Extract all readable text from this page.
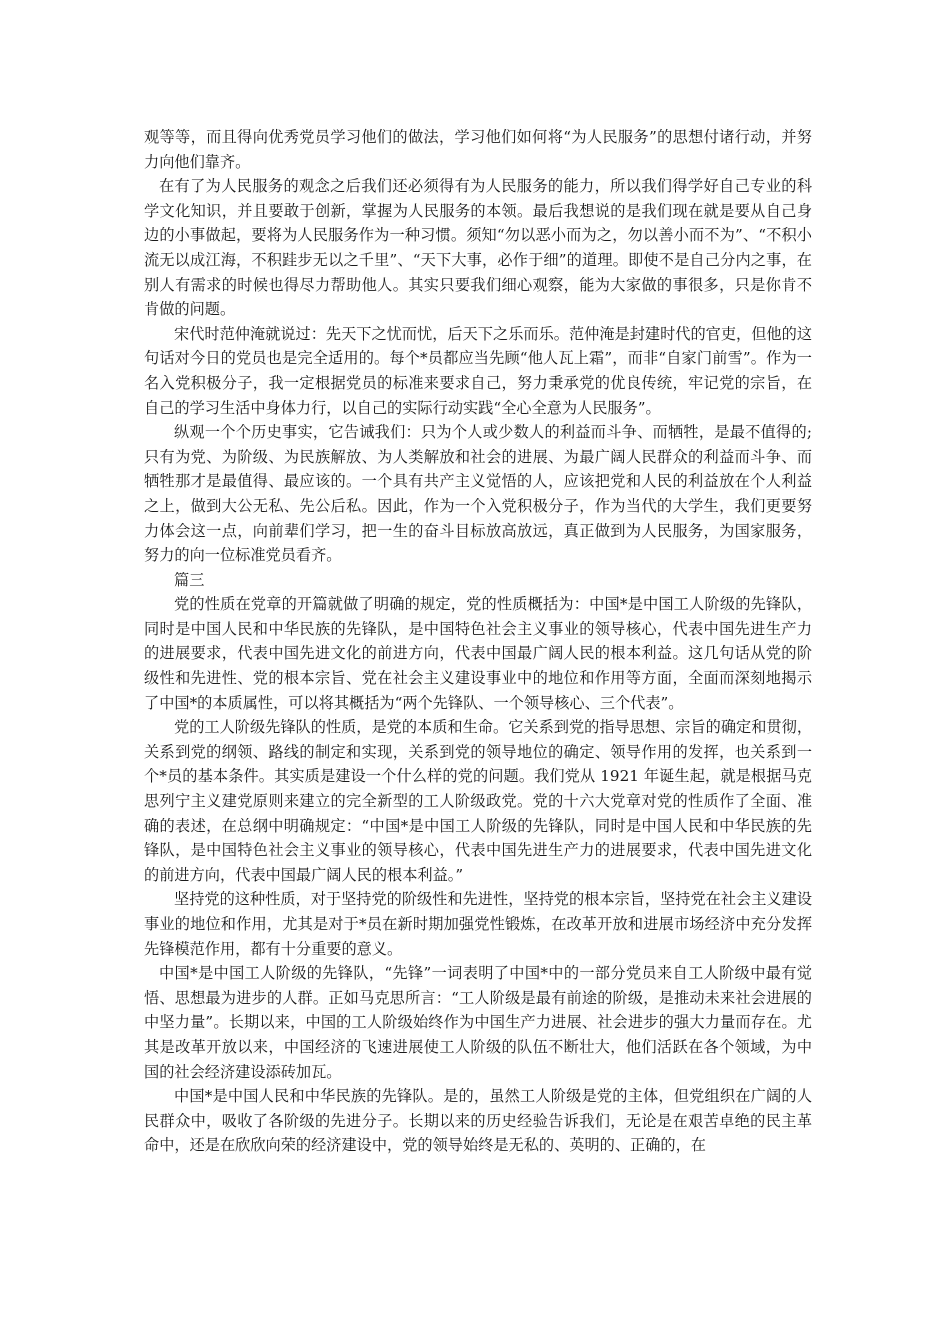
观等等，而且得向优秀党员学习他们的做法，学习他们如何将“为人民服务”的思想付诸行动，并努力向他们靠齐。

在有了为人民服务的观念之后我们还必须得有为人民服务的能力，所以我们得学好自己专业的科学文化知识，并且要敢于创新，掌握为人民服务的本领。最后我想说的是我们现在就是要从自己身边的小事做起，要将为人民服务作为一种习惯。须知“勿以恶小而为之，勿以善小而不为”、“不积小流无以成江海，不积跬步无以之千里”、“天下大事，必作于细”的道理。即使不是自己分内之事，在别人有需求的时候也得尽力帮助他人。其实只要我们细心观察，能为大家做的事很多，只是你肯不肯做的问题。

宋代时范仲淹就说过：先天下之忧而忧，后天下之乐而乐。范仲淹是封建时代的官吏，但他的这句话对今日的党员也是完全适用的。每个*员都应当先顾“他人瓦上霜”，而非“自家门前雪”。作为一名入党积极分子，我一定根据党员的标准来要求自己，努力秉承党的优良传统，牢记党的宗旨，在自己的学习生活中身体力行，以自己的实际行动实践“全心全意为人民服务”。

纵观一个个历史事实，它告诫我们：只为个人或少数人的利益而斗争、而牺牲，是最不值得的;只有为党、为阶级、为民族解放、为人类解放和社会的进展、为最广阔人民群众的利益而斗争、而牺牲那才是最值得、最应该的。一个具有共产主义觉悟的人，应该把党和人民的利益放在个人利益之上，做到大公无私、先公后私。因此，作为一个入党积极分子，作为当代的大学生，我们更要努力体会这一点，向前辈们学习，把一生的奋斗目标放高放远，真正做到为人民服务，为国家服务，努力的向一位标准党员看齐。

篇三

党的性质在党章的开篇就做了明确的规定，党的性质概括为：中国*是中国工人阶级的先锋队，同时是中国人民和中华民族的先锋队，是中国特色社会主义事业的领导核心，代表中国先进生产力的进展要求，代表中国先进文化的前进方向，代表中国最广阔人民的根本利益。这几句话从党的阶级性和先进性、党的根本宗旨、党在社会主义建设事业中的地位和作用等方面，全面而深刻地揭示了中国*的本质属性，可以将其概括为“两个先锋队、一个领导核心、三个代表”。

党的工人阶级先锋队的性质，是党的本质和生命。它关系到党的指导思想、宗旨的确定和贯彻，关系到党的纲领、路线的制定和实现，关系到党的领导地位的确定、领导作用的发挥，也关系到一个*员的基本条件。其实质是建设一个什么样的党的问题。我们党从 1921 年诞生起，就是根据马克思列宁主义建党原则来建立的完全新型的工人阶级政党。党的十六大党章对党的性质作了全面、准确的表述，在总纲中明确规定：“中国*是中国工人阶级的先锋队，同时是中国人民和中华民族的先锋队，是中国特色社会主义事业的领导核心，代表中国先进生产力的进展要求，代表中国先进文化的前进方向，代表中国最广阔人民的根本利益。”

坚持党的这种性质，对于坚持党的阶级性和先进性，坚持党的根本宗旨，坚持党在社会主义建设事业的地位和作用，尤其是对于*员在新时期加强党性锻炼，在改革开放和进展市场经济中充分发挥先锋模范作用，都有十分重要的意义。

中国*是中国工人阶级的先锋队，“先锋”一词表明了中国*中的一部分党员来自工人阶级中最有觉悟、思想最为进步的人群。正如马克思所言：“工人阶级是最有前途的阶级，是推动未来社会进展的中坚力量”。长期以来，中国的工人阶级始终作为中国生产力进展、社会进步的强大力量而存在。尤其是改革开放以来，中国经济的飞速进展使工人阶级的队伍不断壮大，他们活跃在各个领域，为中国的社会经济建设添砖加瓦。

中国*是中国人民和中华民族的先锋队。是的，虽然工人阶级是党的主体，但党组织在广阔的人民群众中，吸收了各阶级的先进分子。长期以来的历史经验告诉我们，无论是在艰苦卓绝的民主革命中，还是在欣欣向荣的经济建设中，党的领导始终是无私的、英明的、正确的，在
